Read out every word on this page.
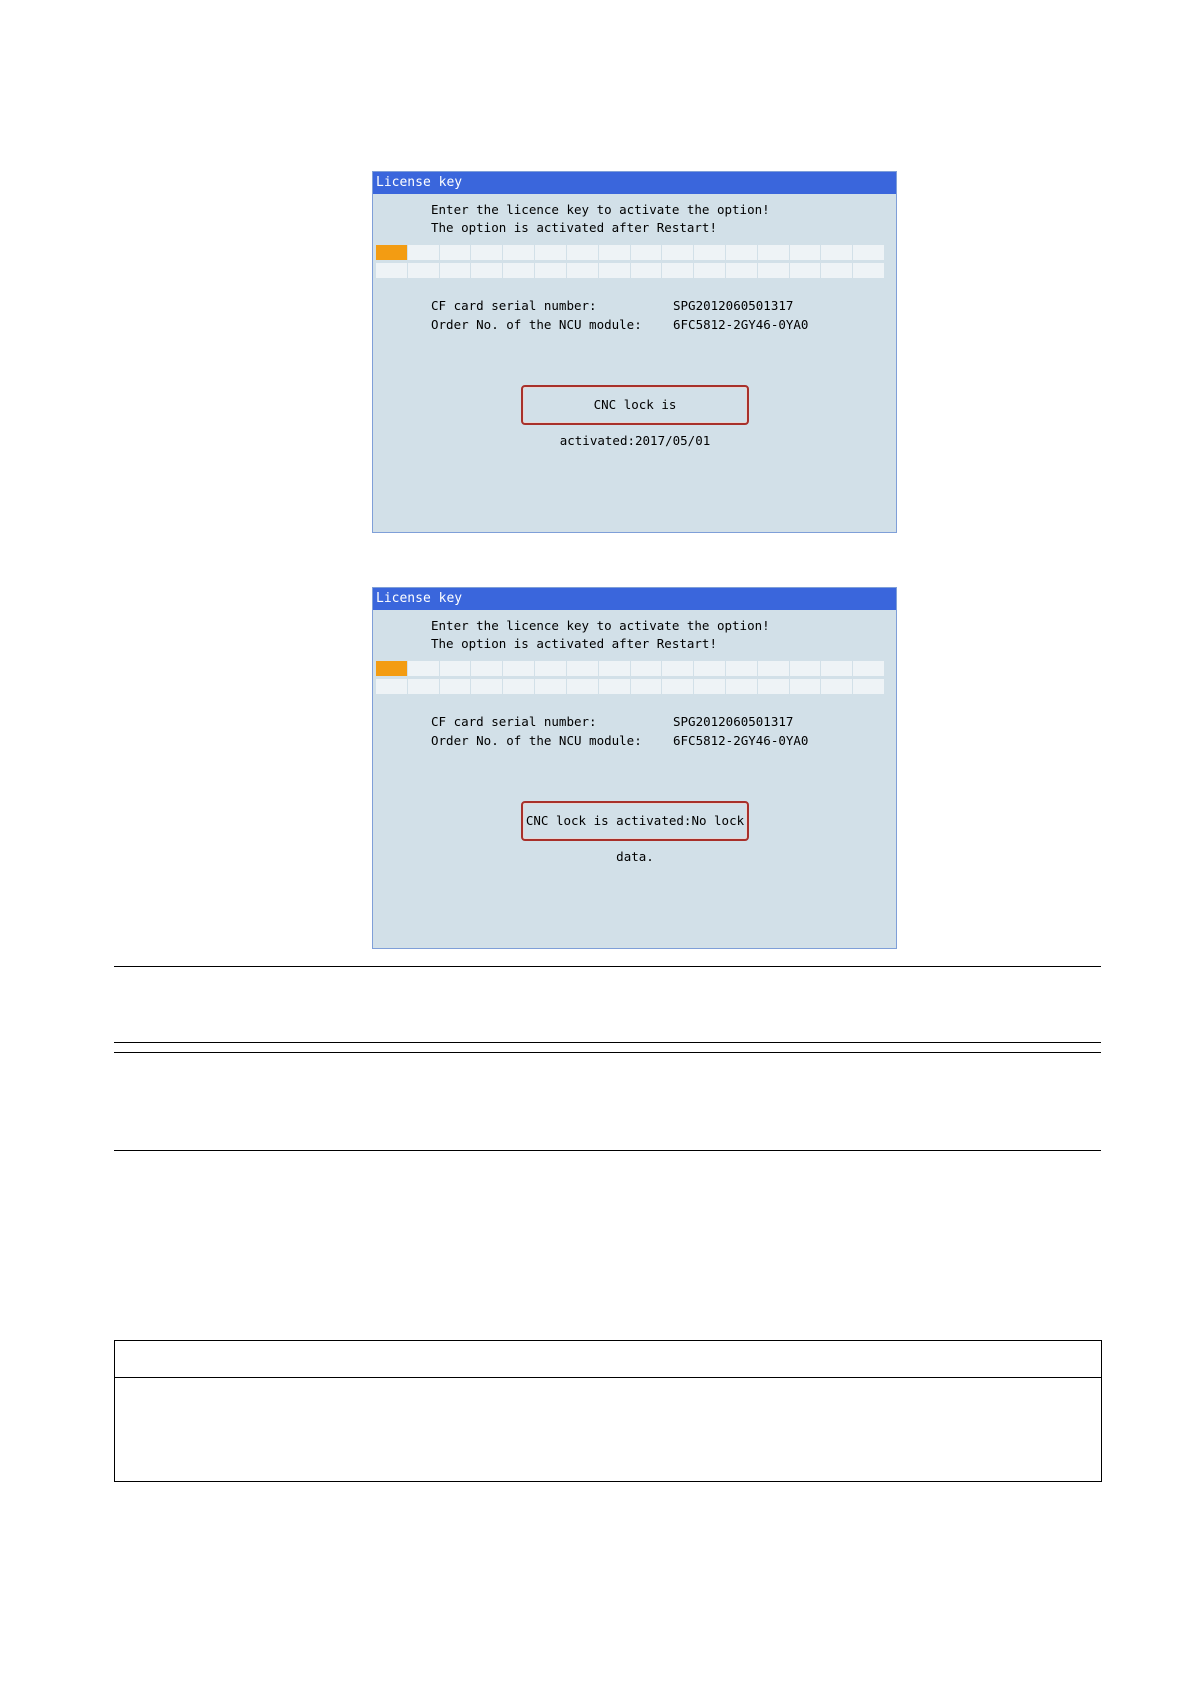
License key
Enter the licence key to activate the option!
The option is activated after Restart!
CF card serial number:	SPG2012060501317
Order No. of the NCU module:	6FC5812-2GY46-0YA0
CNC lock is activated:2017/05/01
License key
Enter the licence key to activate the option!
The option is activated after Restart!
CF card serial number:	SPG2012060501317
Order No. of the NCU module:	6FC5812-2GY46-0YA0
CNC lock is activated:No lock data.
